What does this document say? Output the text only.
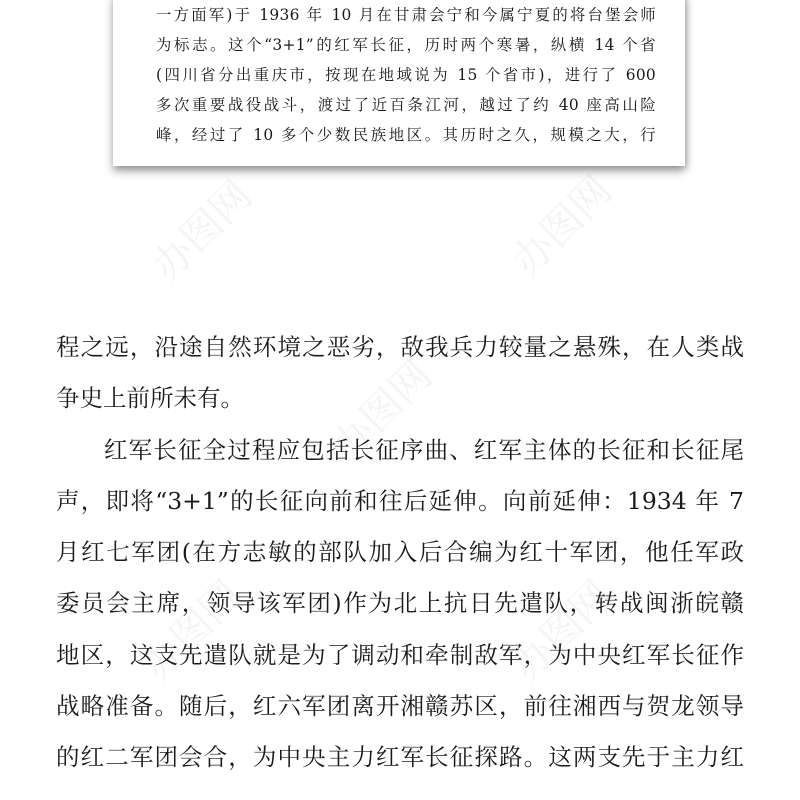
一方面军)于 1936 年 10 月在甘肃会宁和今属宁夏的将台堡会师
为标志。这个“3+1”的红军长征，历时两个寒暑，纵横 14 个省
(四川省分出重庆市，按现在地域说为 15 个省市)，进行了 600
多次重要战役战斗，渡过了近百条江河，越过了约 40 座高山险
峰，经过了 10 多个少数民族地区。其历时之久，规模之大，行
程之远，沿途自然环境之恶劣，敌我兵力较量之悬殊，在人类战
争史上前所未有。
红军长征全过程应包括长征序曲、红军主体的长征和长征尾
声，即将“3+1”的长征向前和往后延伸。向前延伸：1934 年 7
月红七军团(在方志敏的部队加入后合编为红十军团，他任军政
委员会主席，领导该军团)作为北上抗日先遣队，转战闽浙皖赣
地区，这支先遣队就是为了调动和牵制敌军，为中央红军长征作
战略准备。随后，红六军团离开湘赣苏区，前往湘西与贺龙领导
的红二军团会合，为中央主力红军长征探路。这两支先于主力红
办图网	办图网
办图网
办图网	办图网
